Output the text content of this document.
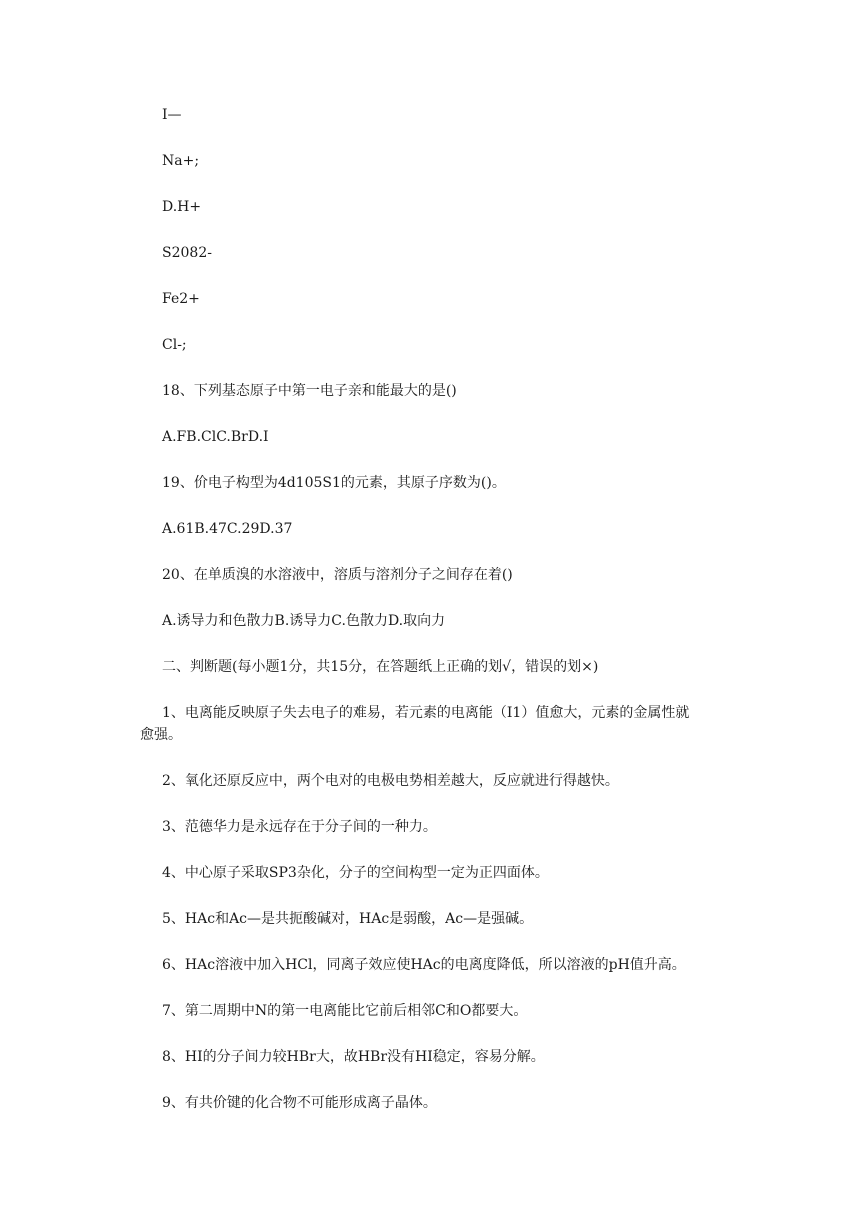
I—
Na+;
D.H+
S2082-
Fe2+
Cl-;
18、下列基态原子中第一电子亲和能最大的是()
A.FB.ClC.BrD.I
19、价电子构型为4d105S1的元素，其原子序数为()。
A.61B.47C.29D.37
20、在单质溴的水溶液中，溶质与溶剂分子之间存在着()
A.诱导力和色散力B.诱导力C.色散力D.取向力
二、判断题(每小题1分，共15分，在答题纸上正确的划√，错误的划×)
1、电离能反映原子失去电子的难易，若元素的电离能（I1）值愈大，元素的金属性就
愈强。
2、氧化还原反应中，两个电对的电极电势相差越大，反应就进行得越快。
3、范德华力是永远存在于分子间的一种力。
4、中心原子采取SP3杂化，分子的空间构型一定为正四面体。
5、HAc和Ac—是共扼酸碱对，HAc是弱酸，Ac—是强碱。
6、HAc溶液中加入HCl，同离子效应使HAc的电离度降低，所以溶液的pH值升高。
7、第二周期中N的第一电离能比它前后相邻C和O都要大。
8、HI的分子间力较HBr大，故HBr没有HI稳定，容易分解。
9、有共价键的化合物不可能形成离子晶体。
